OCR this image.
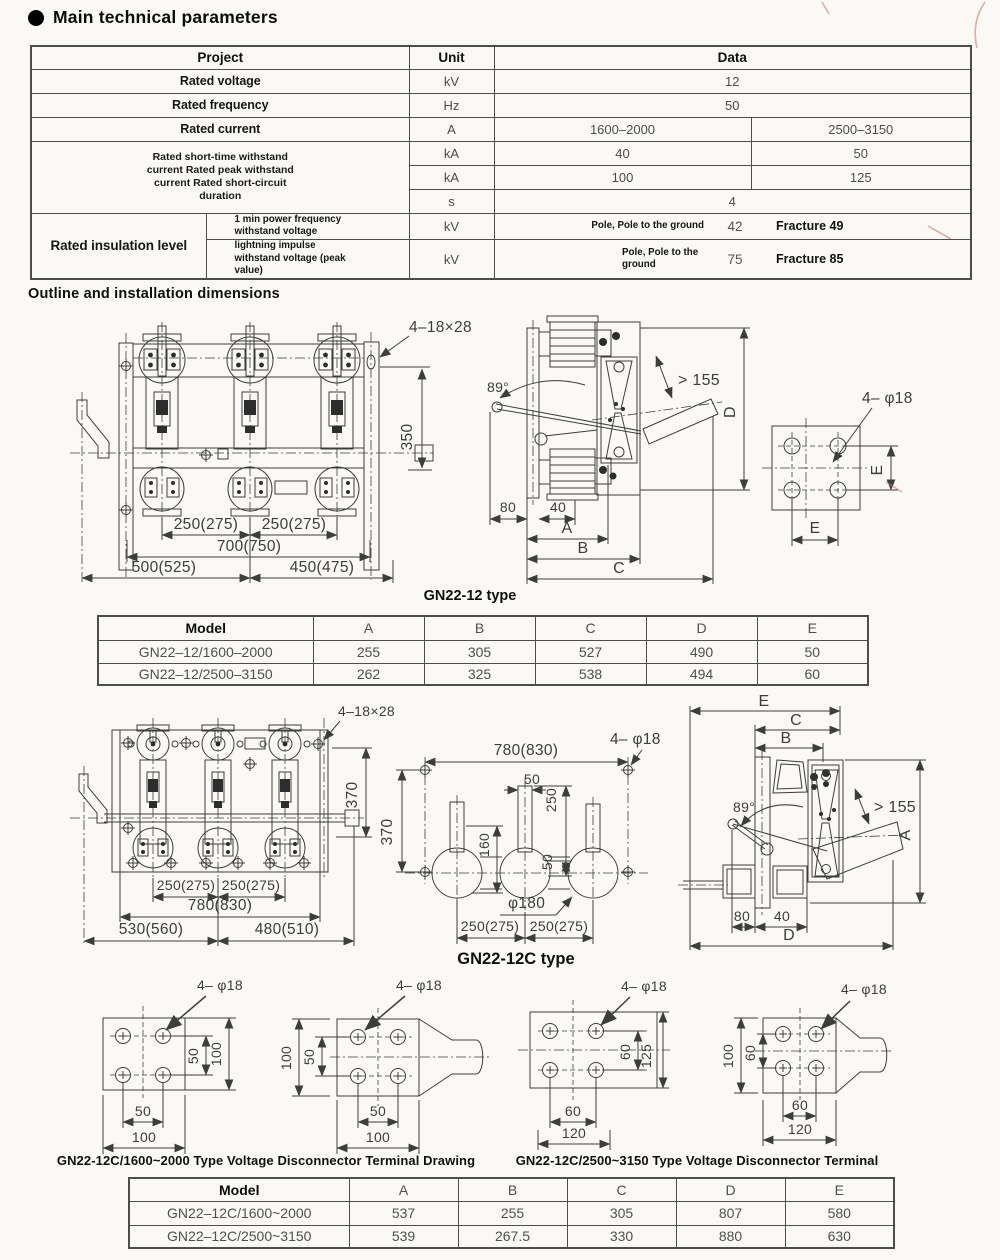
4–18×28
350
250(275) 250(275)
700(750)
500(525)	450(475)
89°	> 155
D
80 40
A
B
C
4– φ18
E
E
4–18×28
370
250(275) 250(275)
780(830)
530(560)	480(510)
780(830)
4– φ18
370
50
250
160
50
φ180
250(275) 250(275)
E
C
B
> 155
89°
A
80 40
D
4– φ18
50 100
50
100
4– φ18
100 50
50
100
4– φ18
60 125
60
120
4– φ18
100 60
60
120
Main technical parameters
Outline and installation dimensions
Project		Unit	Data	
Rated voltage		kV	12	
Rated frequency		Hz	50	
Rated current		A	1600–2000	2500–3150

Rated short-time withstand current Rated peak withstand current Rated short-circuit duration		kA	40	50
		kA	100	125
		s	4	
Rated insulation level	1 min power frequency withstand voltage	kV	Pole, Pole to the ground 42 Fracture 49	

	lightning impulse withstand voltage (peak value)	kV	Pole, Pole to the ground 75 Fracture 85	
GN22-12 type
Model	A	B	C	D	E
GN22–12/1600–2000	255	305	527	490	50
GN22–12/2500–3150	262	325	538	494	60
GN22-12C type
GN22-12C/1600~2000 Type Voltage Disconnector Terminal Drawing	GN22-12C/2500~3150 Type Voltage Disconnector Terminal
Model	A	B	C	D	E
GN22–12C/1600~2000	537	255	305	807	580
GN22–12C/2500~3150	539	267.5	330	880	630
